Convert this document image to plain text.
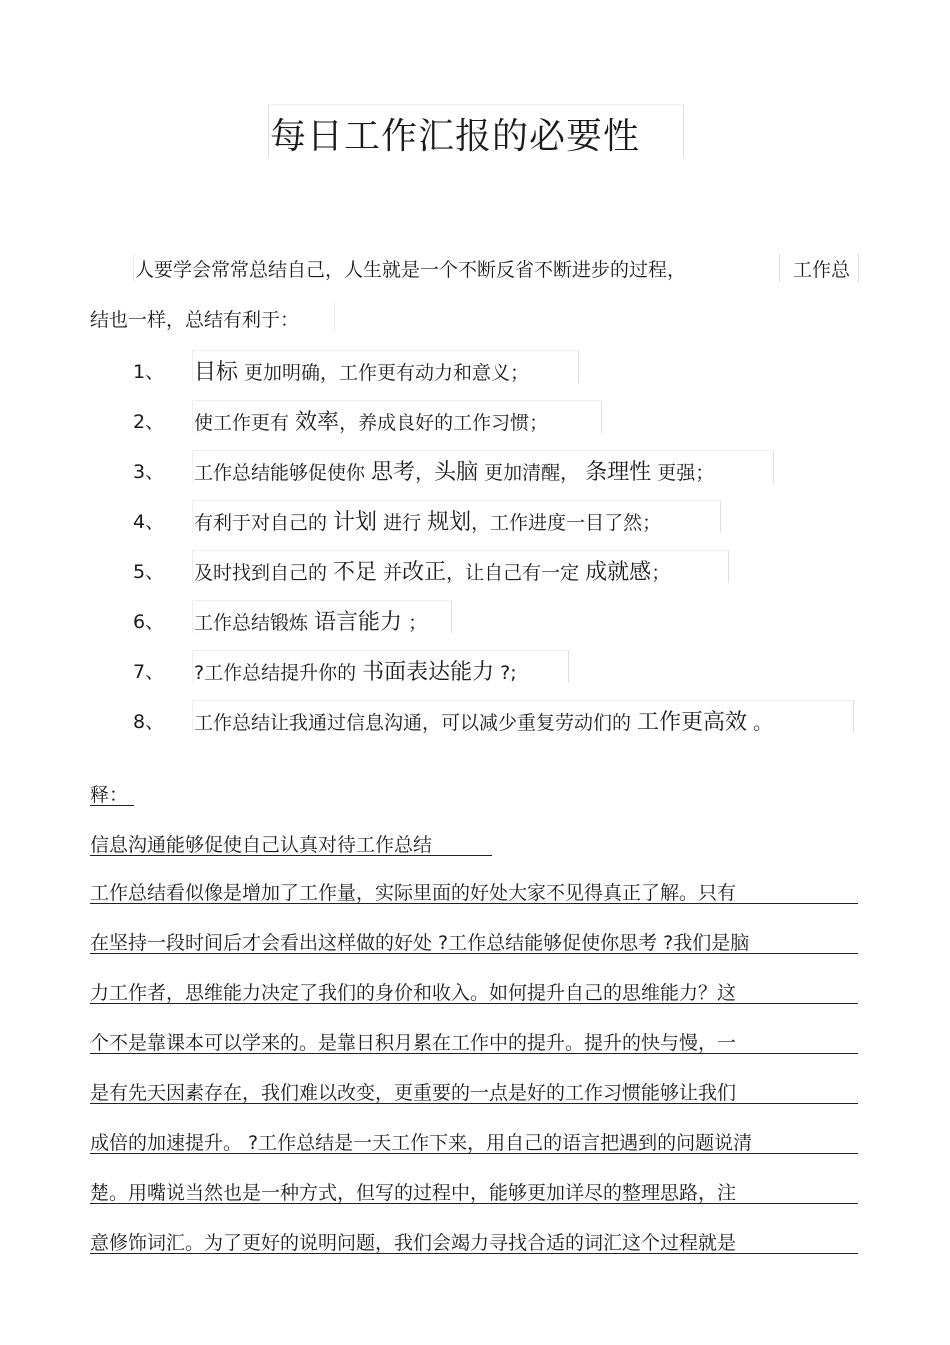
每日工作汇报的必要性
人要学会常常总结自己，人生就是一个不断反省不断进步的过程，	工作总
结也一样，总结有利于：
1、 目标 更加明确，工作更有动力和意义；
2、 使工作更有 效率，养成良好的工作习惯；
3、 工作总结能够促使你 思考，头脑 更加清醒， 条理性 更强；
4、 有利于对自己的 计划 进行 规划，工作进度一目了然；
5、 及时找到自己的 不足 并改正，让自己有一定 成就感；
6、 工作总结锻炼 语言能力 ；
7、 ?工作总结提升你的 书面表达能力 ?;
8、 工作总结让我通过信息沟通，可以减少重复劳动们的 工作更高效 。
释：
信息沟通能够促使自己认真对待工作总结
工作总结看似像是增加了工作量，实际里面的好处大家不见得真正了解。只有
在坚持一段时间后才会看出这样做的好处 ?工作总结能够促使你思考 ?我们是脑
力工作者，思维能力决定了我们的身价和收入。如何提升自己的思维能力？这
个不是靠课本可以学来的。是靠日积月累在工作中的提升。提升的快与慢，一
是有先天因素存在，我们难以改变，更重要的一点是好的工作习惯能够让我们
成倍的加速提升。 ?工作总结是一天工作下来，用自己的语言把遇到的问题说清
楚。用嘴说当然也是一种方式，但写的过程中，能够更加详尽的整理思路，注
意修饰词汇。为了更好的说明问题，我们会竭力寻找合适的词汇这个过程就是
